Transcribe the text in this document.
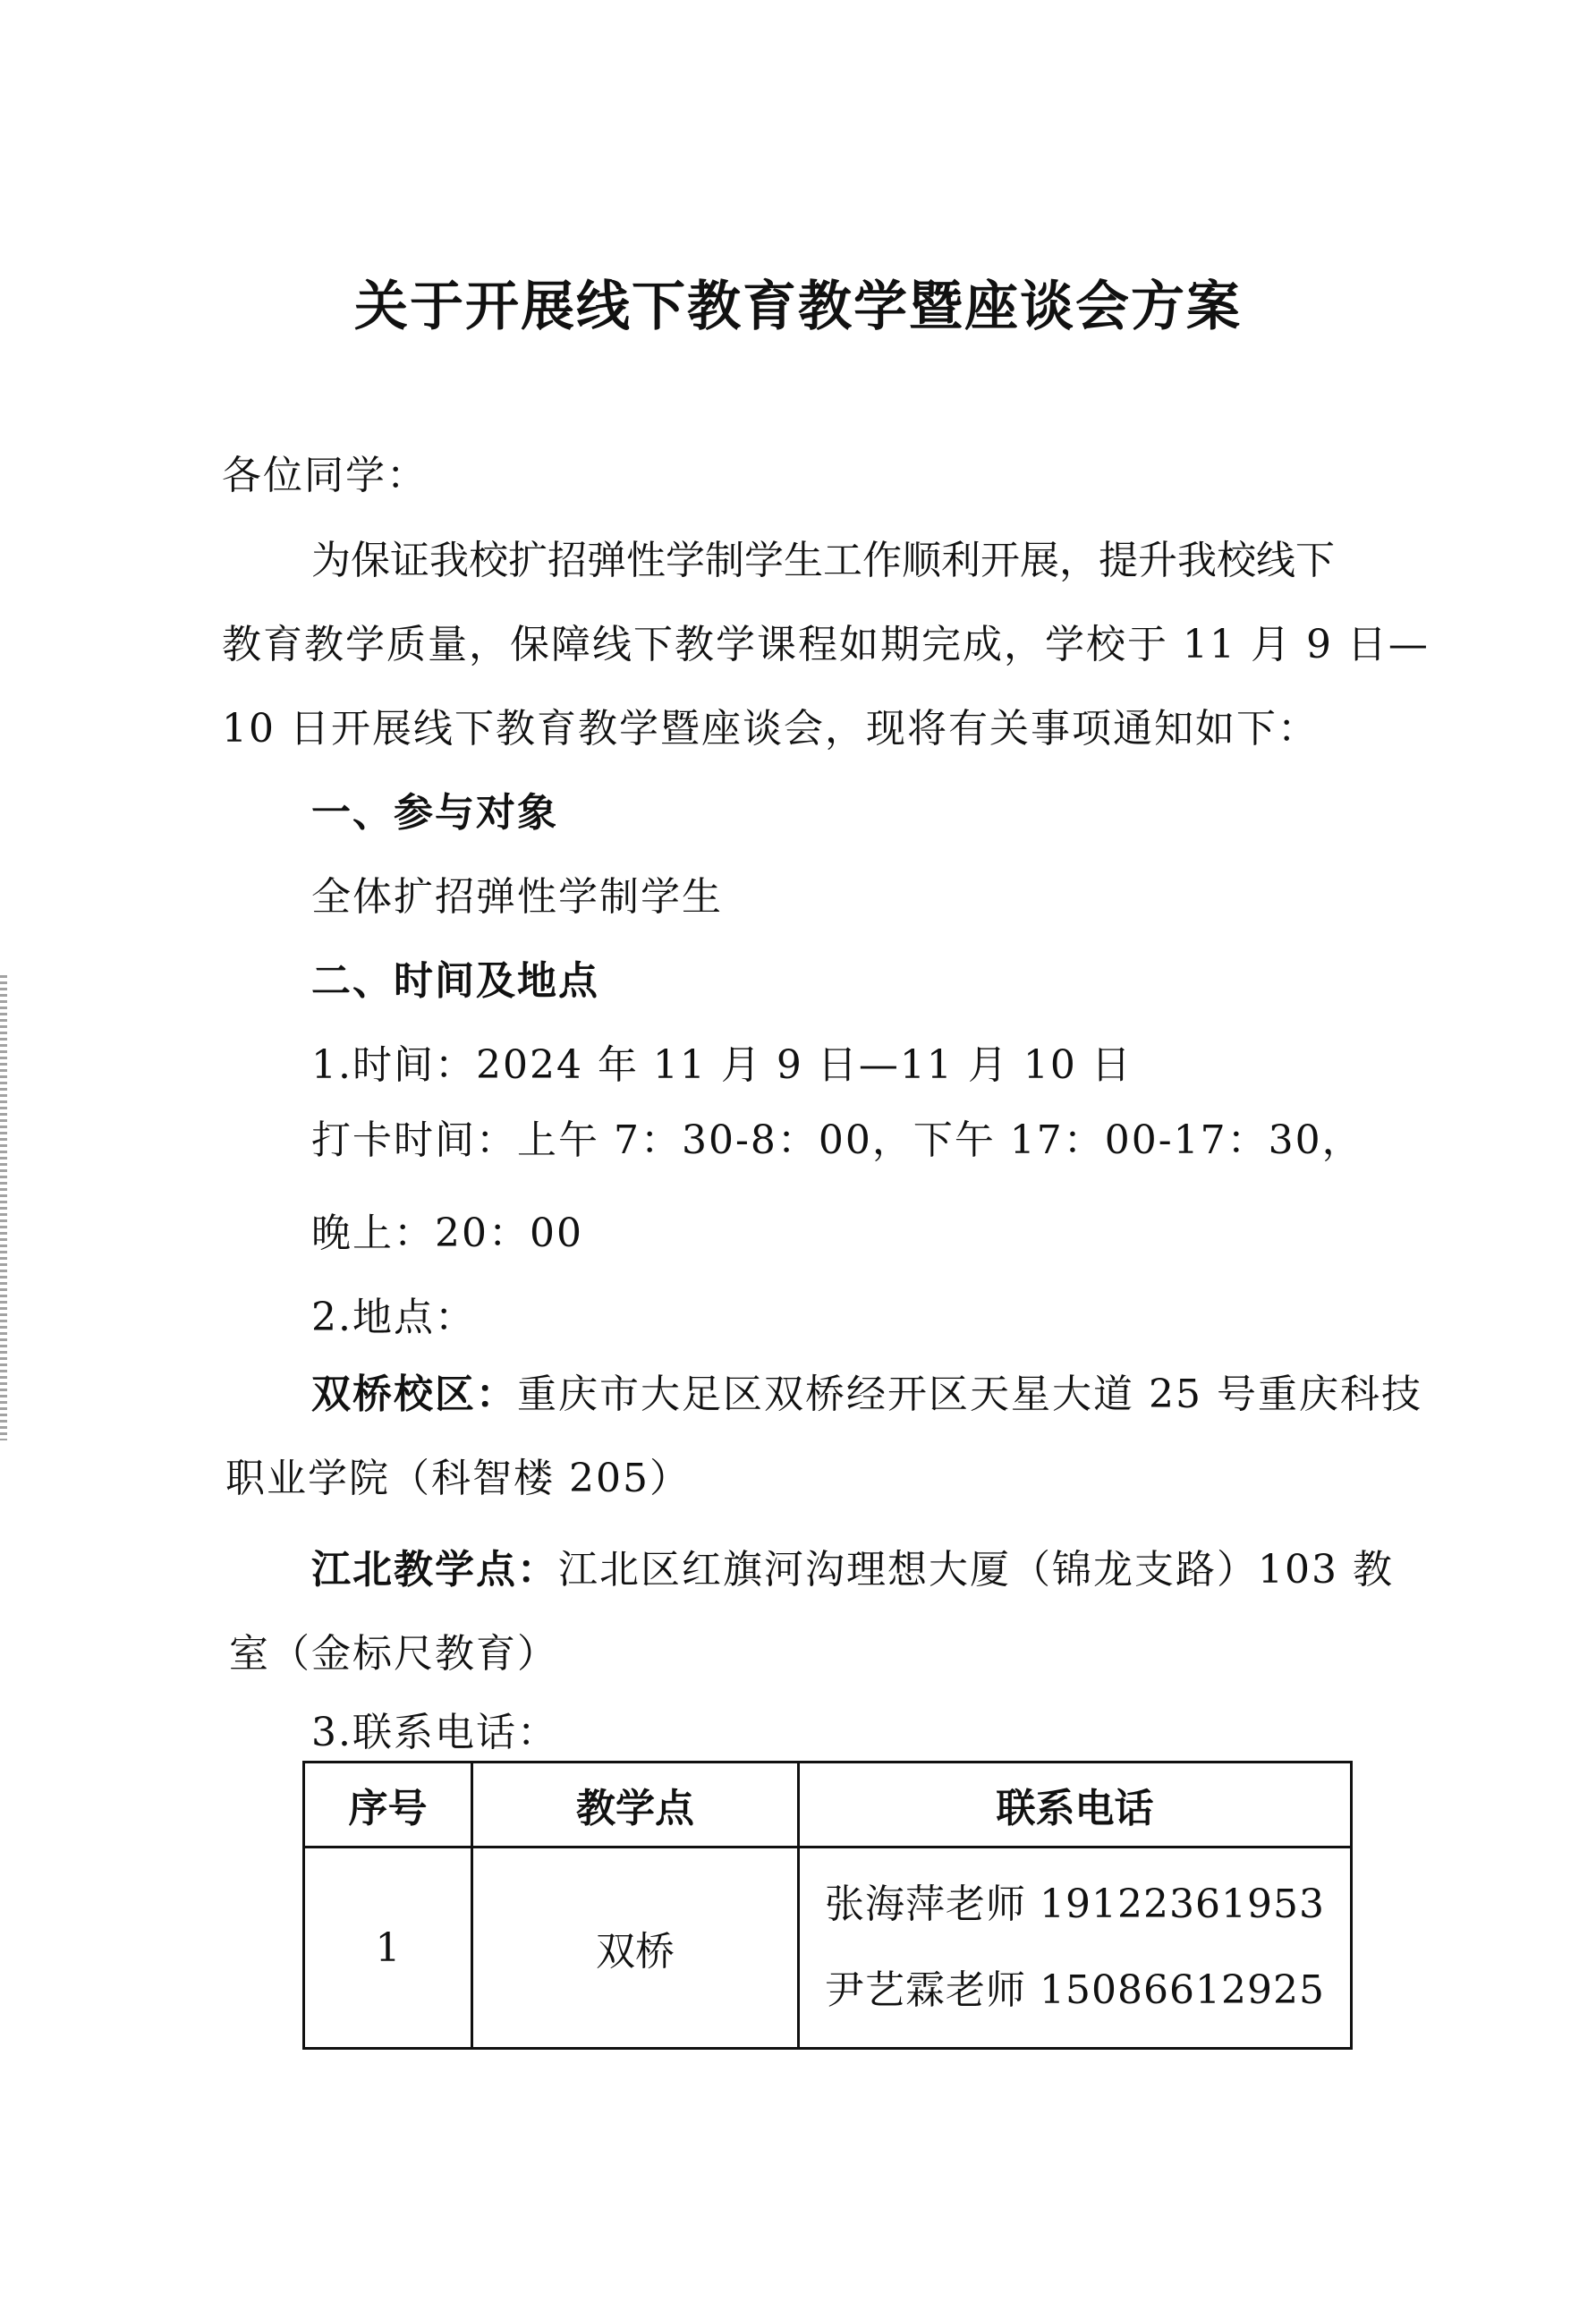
关于开展线下教育教学暨座谈会方案
各位同学：
为保证我校扩招弹性学制学生工作顺利开展，提升我校线下
教育教学质量，保障线下教学课程如期完成，学校于 11 月 9 日—
10 日开展线下教育教学暨座谈会，现将有关事项通知如下：
一、参与对象
全体扩招弹性学制学生
二、时间及地点
1.时间：2024 年 11 月 9 日—11 月 10 日
打卡时间：上午 7：30-8：00，下午 17：00-17：30，
晚上：20：00
2.地点：
双桥校区：重庆市大足区双桥经开区天星大道 25 号重庆科技
职业学院（科智楼 205）
江北教学点：江北区红旗河沟理想大厦（锦龙支路）103 教
室（金标尺教育）
3.联系电话：
序号	教学点	联系电话
1	双桥	张海萍老师 19122361953
尹艺霖老师 15086612925
